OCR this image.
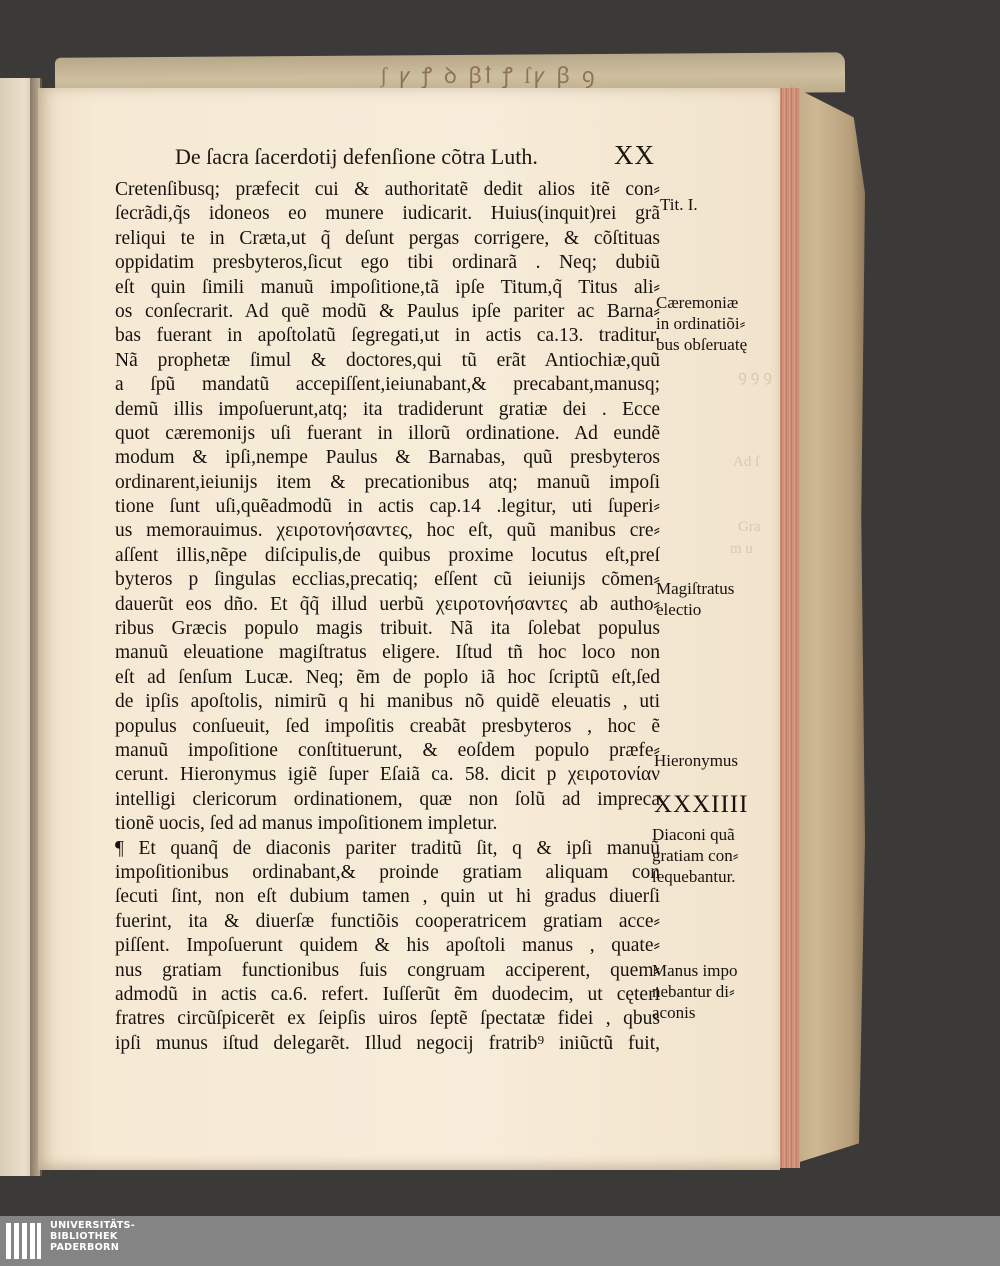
ʃ ꝩ︎ ꝭ ꝺ ꞵꝉ ꝭ ſꝩ ꞵ ꝯ
ꝯ ꝯ ꝯ
Ad ſ
Gra
m u
De ſacra ſacerdotij defenſione cõtra Luth.	XX
Cretenſibusq; præfecit cui & authoritatẽ dedit alios itẽ con⸗
ſecrãdi,q̃s idoneos eo munere iudicarit. Huius(inquit)rei grã
reliqui te in Cræta,ut q̃ deſunt pergas corrigere, & cõſtituas
oppidatim presbyteros,ſicut ego tibi ordinarã . Neq; dubiũ
eſt quin ſimili manuũ impoſitione,tã ipſe Titum,q̃ Titus ali⸗
os conſecrarit. Ad quẽ modũ & Paulus ipſe pariter ac Barna⸗
bas fuerant in apoſtolatũ ſegregati,ut in actis ca.13. traditur.
Nã prophetæ ſimul & doctores,qui tũ erãt Antiochiæ,quũ
a ſpũ mandatũ accepiſſent,ieiunabant,& precabant,manusq;
demũ illis impoſuerunt,atq; ita tradiderunt gratiæ dei . Ecce
quot cæremonijs uſi fuerant in illorũ ordinatione. Ad eundẽ
modum & ipſi,nempe Paulus & Barnabas, quũ presbyteros
ordinarent,ieiunijs item & precationibus atq; manuũ impoſi
tione ſunt uſi,quẽadmodũ in actis cap.14 .legitur, uti ſuperi⸗
us memorauimus. χειροτονήσαντες, hoc eſt, quũ manibus cre⸗
aſſent illis,nẽpe diſcipulis,de quibus proxime locutus eſt,preſ
byteros p ſingulas ecclias,precatiq; eſſent cũ ieiunijs cõmen⸗
dauerũt eos dño. Et q̃q̃ illud uerbũ χειροτονήσαντες ab autho⸗
ribus Græcis populo magis tribuit. Nã ita ſolebat populus
manuũ eleuatione magiſtratus eligere. Iſtud tñ hoc loco non
eſt ad ſenſum Lucæ. Neq; ẽm de poplo iã hoc ſcriptũ eſt,ſed
de ipſis apoſtolis, nimirũ q hi manibus nõ quidẽ eleuatis , uti
populus conſueuit, ſed impoſitis creabãt presbyteros , hoc ẽ
manuũ impoſitione conſtituerunt, & eoſdem populo præfe⸗
cerunt. Hieronymus igiẽ ſuper Eſaiã ca. 58. dicit p χειροτονίαν
intelligi clericorum ordinationem, quæ non ſolũ ad impreca
tionẽ uocis, ſed ad manus impoſitionem impletur.
¶ Et quanq̃ de diaconis pariter traditũ ſit, q & ipſi manuũ
impoſitionibus ordinabant,& proinde gratiam aliquam con
ſecuti ſint, non eſt dubium tamen , quin ut hi gradus diuerſi
fuerint, ita & diuerſæ functiõis cooperatricem gratiam acce⸗
piſſent. Impoſuerunt quidem & his apoſtoli manus , quate⸗
nus gratiam functionibus ſuis congruam acciperent, quem⸗
admodũ in actis ca.6. refert. Iuſſerũt ẽm duodecim, ut cęteri
fratres circũſpicerẽt ex ſeipſis uiros ſeptẽ ſpectatæ fidei , qbus
ipſi munus iſtud delegarẽt. Illud negocij fratrib⁹ iniũctũ fuit,
Tit. I.
Cæremoniæ
in ordinatiõi⸗
bus obſeruatę
Magiſtratus
electio
Hieronymus
XXXIIII
Diaconi quã
gratiam con⸗
ſequebantur.
Manus impo
nebantur di⸗
aconis
UNIVERSITÄTS-
BIBLIOTHEK
PADERBORN
